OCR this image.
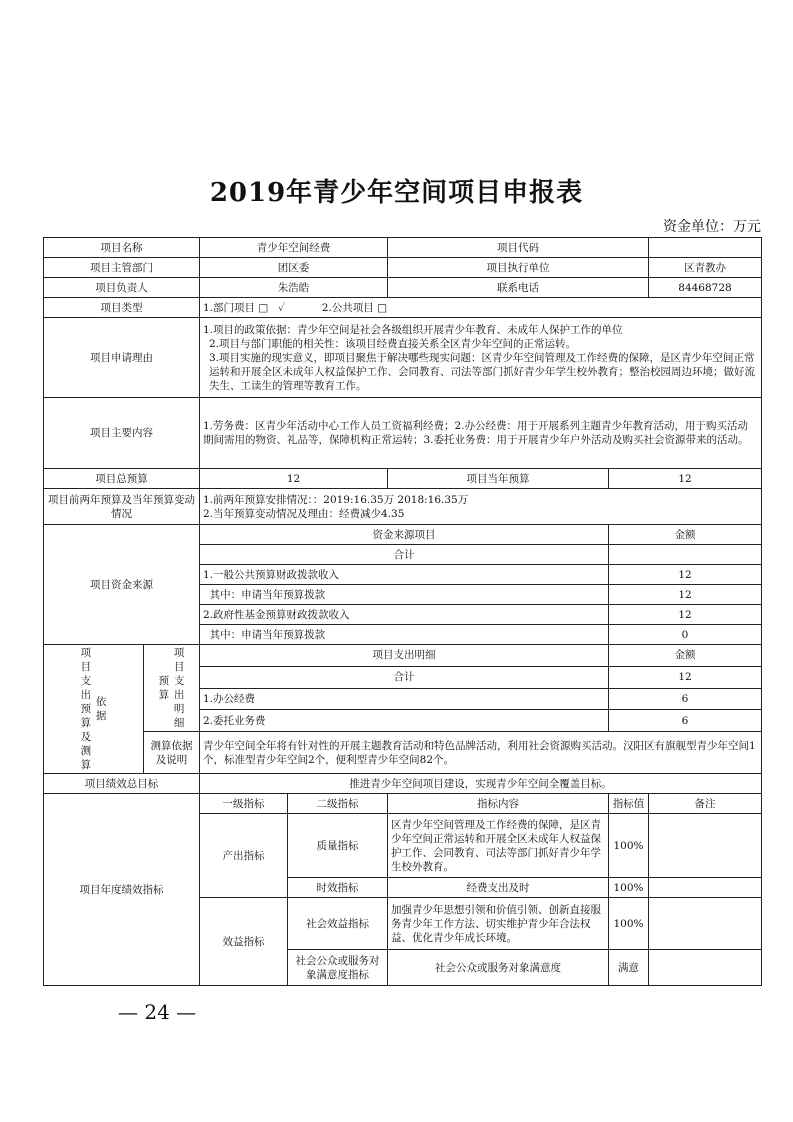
2019年青少年空间项目申报表
资金单位：万元
项目名称		青少年空间经费		项目代码		
项目主管部门		团区委		项目执行单位		区青教办
项目负责人		朱浩皓		联系电话		84468728
项目类型		1.部门项目 □   ✓           2.公共项目 □				
项目申请理由		1.项目的政策依据：青少年空间是社会各级组织开展青少年教育、未成年人保护工作的单位
2.项目与部门职能的相关性：该项目经费直接关系全区青少年空间的正常运转。
3.项目实施的现实意义，即项目聚焦于解决哪些现实问题：区青少年空间管理及工作经费的保障，是区青少年空间正常运转和开展全区未成年人权益保护工作、会同教育、司法等部门抓好青少年学生校外教育；整治校园周边环境；做好流失生、工读生的管理等教育工作。				

项目主要内容		1.劳务费：区青少年活动中心工作人员工资福利经费；2.办公经费：用于开展系列主题青少年教育活动，用于购买活动期间需用的物资、礼品等，保障机构正常运转；3.委托业务费：用于开展青少年户外活动及购买社会资源带来的活动。				
项目总预算		12		项目当年预算	12	
项目前两年预算及当年预算变动情况		1.前两年预算安排情况：：2019:16.35万 2018:16.35万
2.当年预算变动情况及理由：经费减少4.35				

项目资金来源		资金来源项目			金额	
		合计				
		1.一般公共预算财政拨款收入			12	
		其中：申请当年预算拨款			12	
		2.政府性基金预算财政拨款收入			12	
		其中：申请当年预算拨款			0	
项目支出预算及测算 依据	预算 项目支出明细	项目支出明细			金额	
		合计			12	
		1.办公经费			6	
		2.委托业务费			6	
	测算依据及说明	青少年空间全年将有针对性的开展主题教育活动和特色品牌活动，利用社会资源购买活动。汉阳区有旗舰型青少年空间1个，标准型青少年空间2个，便利型青少年空间82个。				

项目绩效总目标		推进青少年空间项目建设，实现青少年空间全覆盖目标。				
项目年度绩效指标		一级指标	二级指标	指标内容	指标值	备注
		产出指标	质量指标	区青少年空间管理及工作经费的保障，是区青少年空间正常运转和开展全区未成年人权益保护工作、会同教育、司法等部门抓好青少年学生校外教育。	100%	
			时效指标	经费支出及时	100%	
		效益指标	社会效益指标	加强青少年思想引领和价值引领、创新直接服务青少年工作方法、切实维护青少年合法权益、优化青少年成长环境。	100%	
			社会公众或服务对象满意度指标	社会公众或服务对象满意度	满意	
— 24 —
